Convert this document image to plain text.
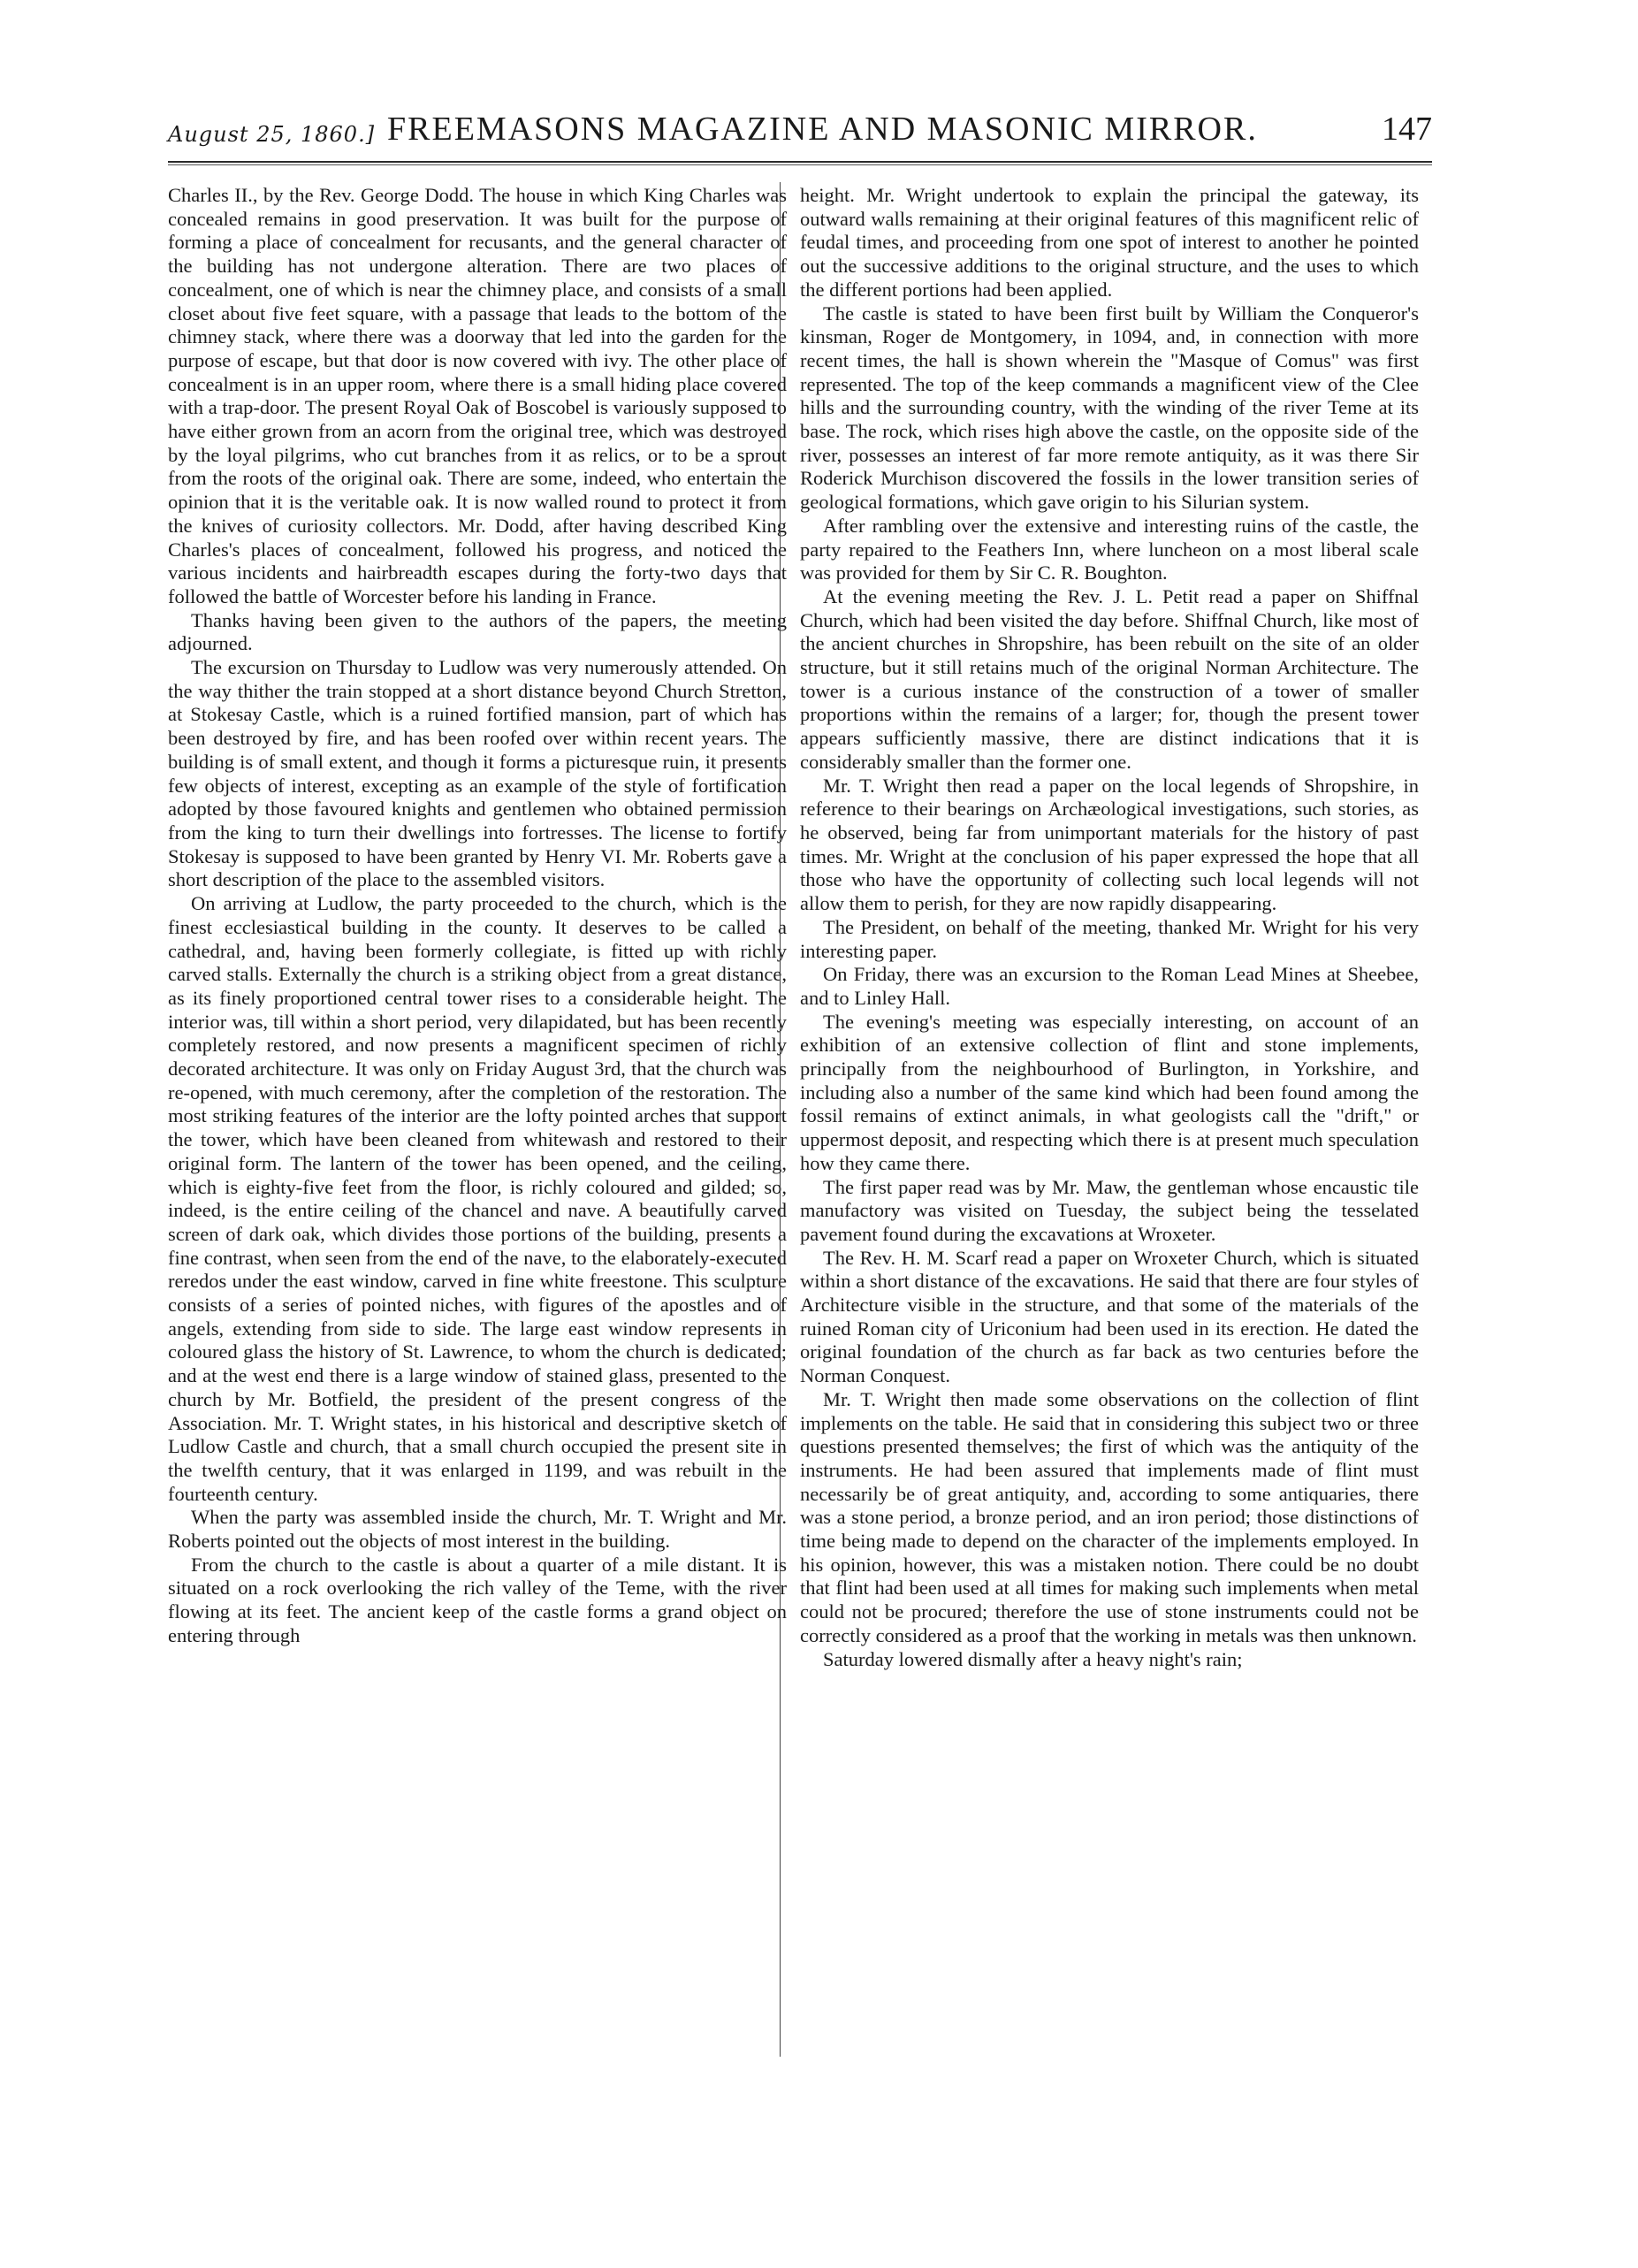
August 25, 1860.] FREEMASONS MAGAZINE AND MASONIC MIRROR.	147

Charles II., by the Rev. George Dodd. The house in which King Charles was concealed remains in good preservation. It was built for the purpose of forming a place of concealment for recusants, and the general character of the building has not undergone alteration. There are two places of concealment, one of which is near the chimney place, and consists of a small closet about five feet square, with a passage that leads to the bottom of the chimney stack, where there was a doorway that led into the garden for the purpose of escape, but that door is now covered with ivy. The other place of concealment is in an upper room, where there is a small hiding place covered with a trap-door. The present Royal Oak of Boscobel is variously supposed to have either grown from an acorn from the original tree, which was destroyed by the loyal pilgrims, who cut branches from it as relics, or to be a sprout from the roots of the original oak. There are some, indeed, who entertain the opinion that it is the veritable oak. It is now walled round to protect it from the knives of curiosity collectors. Mr. Dodd, after having described King Charles's places of concealment, followed his progress, and noticed the various incidents and hairbreadth escapes during the forty-two days that followed the battle of Worcester before his landing in France.

Thanks having been given to the authors of the papers, the meeting adjourned.

The excursion on Thursday to Ludlow was very numerously attended. On the way thither the train stopped at a short distance beyond Church Stretton, at Stokesay Castle, which is a ruined fortified mansion, part of which has been destroyed by fire, and has been roofed over within recent years. The building is of small extent, and though it forms a picturesque ruin, it presents few objects of interest, excepting as an example of the style of fortification adopted by those favoured knights and gentlemen who obtained permission from the king to turn their dwellings into fortresses. The license to fortify Stokesay is supposed to have been granted by Henry VI. Mr. Roberts gave a short description of the place to the assembled visitors.

On arriving at Ludlow, the party proceeded to the church, which is the finest ecclesiastical building in the county. It deserves to be called a cathedral, and, having been formerly collegiate, is fitted up with richly carved stalls. Externally the church is a striking object from a great distance, as its finely proportioned central tower rises to a considerable height. The interior was, till within a short period, very dilapidated, but has been recently completely restored, and now presents a magnificent specimen of richly decorated architecture. It was only on Friday August 3rd, that the church was re-opened, with much ceremony, after the completion of the restoration. The most striking features of the interior are the lofty pointed arches that support the tower, which have been cleaned from whitewash and restored to their original form. The lantern of the tower has been opened, and the ceiling, which is eighty-five feet from the floor, is richly coloured and gilded; so, indeed, is the entire ceiling of the chancel and nave. A beautifully carved screen of dark oak, which divides those portions of the building, presents a fine contrast, when seen from the end of the nave, to the elaborately-executed reredos under the east window, carved in fine white freestone. This sculpture consists of a series of pointed niches, with figures of the apostles and of angels, extending from side to side. The large east window represents in coloured glass the history of St. Lawrence, to whom the church is dedicated; and at the west end there is a large window of stained glass, presented to the church by Mr. Botfield, the president of the present congress of the Association. Mr. T. Wright states, in his historical and descriptive sketch of Ludlow Castle and church, that a small church occupied the present site in the twelfth century, that it was enlarged in 1199, and was rebuilt in the fourteenth century.

When the party was assembled inside the church, Mr. T. Wright and Mr. Roberts pointed out the objects of most interest in the building.

From the church to the castle is about a quarter of a mile distant. It is situated on a rock overlooking the rich valley of the Teme, with the river flowing at its feet. The ancient keep of the castle forms a grand object on entering through

height. Mr. Wright undertook to explain the principal the gateway, its outward walls remaining at their original features of this magnificent relic of feudal times, and proceeding from one spot of interest to another he pointed out the successive additions to the original structure, and the uses to which the different portions had been applied.

The castle is stated to have been first built by William the Conqueror's kinsman, Roger de Montgomery, in 1094, and, in connection with more recent times, the hall is shown wherein the "Masque of Comus" was first represented. The top of the keep commands a magnificent view of the Clee hills and the surrounding country, with the winding of the river Teme at its base. The rock, which rises high above the castle, on the opposite side of the river, possesses an interest of far more remote antiquity, as it was there Sir Roderick Murchison discovered the fossils in the lower transition series of geological formations, which gave origin to his Silurian system.

After rambling over the extensive and interesting ruins of the castle, the party repaired to the Feathers Inn, where luncheon on a most liberal scale was provided for them by Sir C. R. Boughton.

At the evening meeting the Rev. J. L. Petit read a paper on Shiffnal Church, which had been visited the day before. Shiffnal Church, like most of the ancient churches in Shropshire, has been rebuilt on the site of an older structure, but it still retains much of the original Norman Architecture. The tower is a curious instance of the construction of a tower of smaller proportions within the remains of a larger; for, though the present tower appears sufficiently massive, there are distinct indications that it is considerably smaller than the former one.

Mr. T. Wright then read a paper on the local legends of Shropshire, in reference to their bearings on Archæological investigations, such stories, as he observed, being far from unimportant materials for the history of past times. Mr. Wright at the conclusion of his paper expressed the hope that all those who have the opportunity of collecting such local legends will not allow them to perish, for they are now rapidly disappearing.

The President, on behalf of the meeting, thanked Mr. Wright for his very interesting paper.

On Friday, there was an excursion to the Roman Lead Mines at Sheebee, and to Linley Hall.

The evening's meeting was especially interesting, on account of an exhibition of an extensive collection of flint and stone implements, principally from the neighbourhood of Burlington, in Yorkshire, and including also a number of the same kind which had been found among the fossil remains of extinct animals, in what geologists call the "drift," or uppermost deposit, and respecting which there is at present much speculation how they came there.

The first paper read was by Mr. Maw, the gentleman whose encaustic tile manufactory was visited on Tuesday, the subject being the tesselated pavement found during the excavations at Wroxeter.

The Rev. H. M. Scarf read a paper on Wroxeter Church, which is situated within a short distance of the excavations. He said that there are four styles of Architecture visible in the structure, and that some of the materials of the ruined Roman city of Uriconium had been used in its erection. He dated the original foundation of the church as far back as two centuries before the Norman Conquest.

Mr. T. Wright then made some observations on the collection of flint implements on the table. He said that in considering this subject two or three questions presented themselves; the first of which was the antiquity of the instruments. He had been assured that implements made of flint must necessarily be of great antiquity, and, according to some antiquaries, there was a stone period, a bronze period, and an iron period; those distinctions of time being made to depend on the character of the implements employed. In his opinion, however, this was a mistaken notion. There could be no doubt that flint had been used at all times for making such implements when metal could not be procured; therefore the use of stone instruments could not be correctly considered as a proof that the working in metals was then unknown.

Saturday lowered dismally after a heavy night's rain;
